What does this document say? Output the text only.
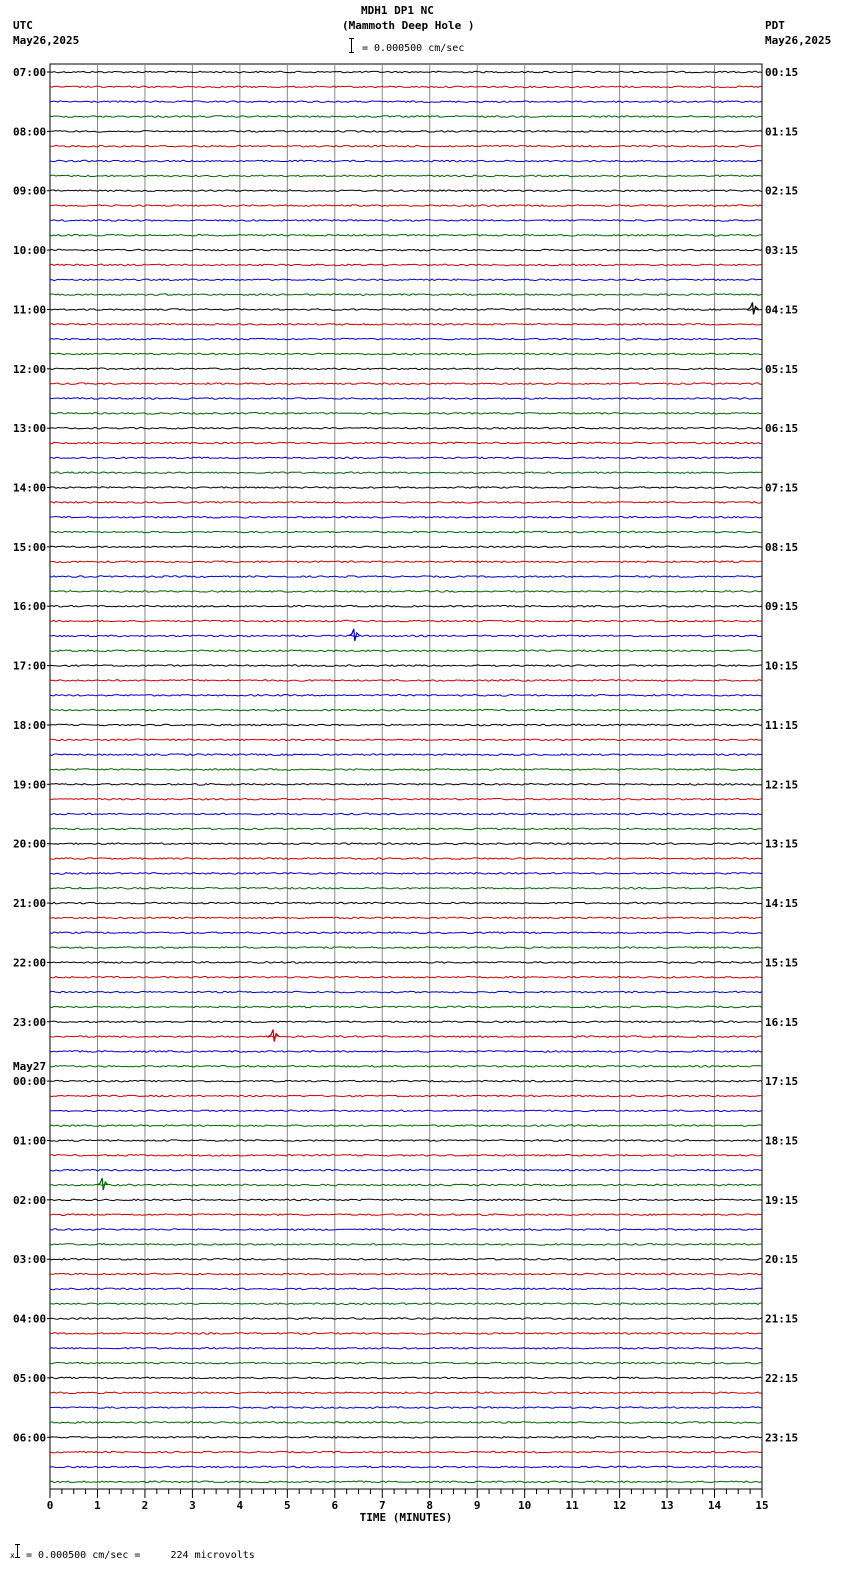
MDH1 DP1 NC
(Mammoth Deep Hole )
UTC
May26,2025
PDT
May26,2025
= 0.000500 cm/sec
07:00	00:15
08:00	01:15
09:00	02:15
10:00	03:15
11:00	04:15
12:00	05:15
13:00	06:15
14:00	07:15
15:00	08:15
16:00	09:15
17:00	10:15
18:00	11:15
19:00	12:15
20:00	13:15
21:00	14:15
22:00	15:15
23:00	16:15
00:00	17:15
01:00	18:15
02:00	19:15
03:00	20:15
04:00	21:15
05:00	22:15
06:00	23:15
May27
0	1	2	3	4	5	6	7	8	9	10	11	12	13	14	15
TIME (MINUTES)
x = 0.000500 cm/sec =     224 microvolts
